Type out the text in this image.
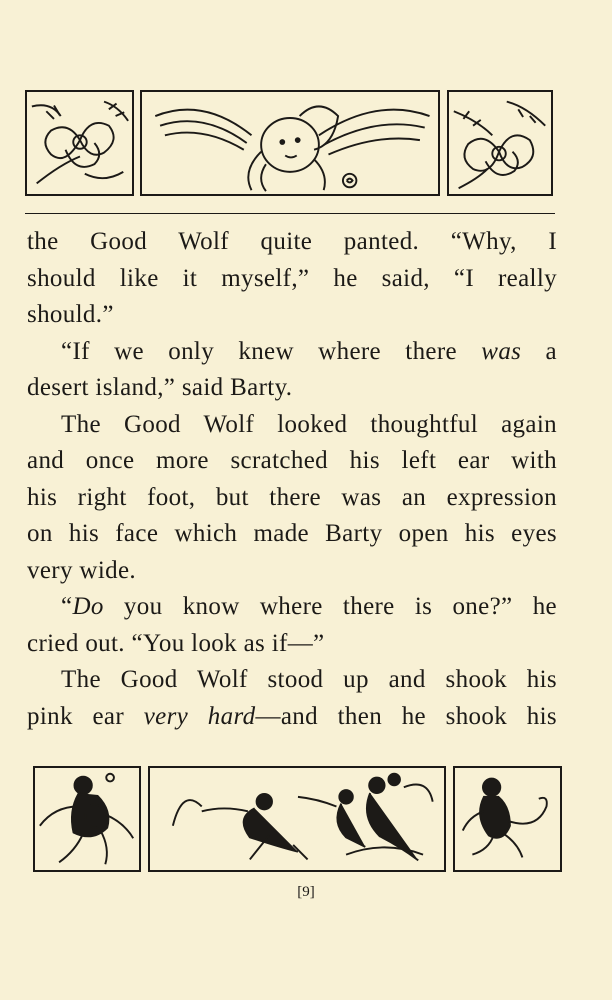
the Good Wolf quite panted. “Why, I
should like it myself,” he said, “I really
should.”
“If we only knew where there was a
desert island,” said Barty.
The Good Wolf looked thoughtful again
and once more scratched his left ear with
his right foot, but there was an expression
on his face which made Barty open his eyes
very wide.
“Do you know where there is one?” he
cried out. “You look as if—”
The Good Wolf stood up and shook his
pink ear very hard—and then he shook his
[9]
